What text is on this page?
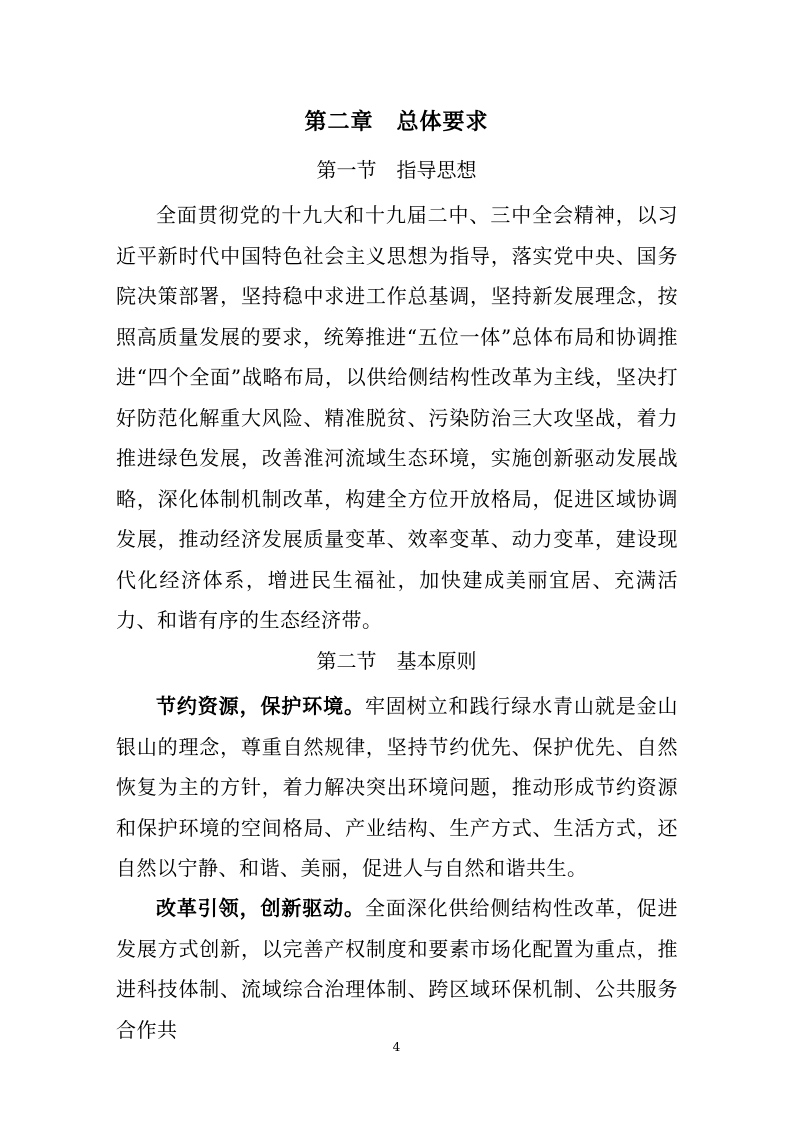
第二章　总体要求
第一节　指导思想

全面贯彻党的十九大和十九届二中、三中全会精神，以习近平新时代中国特色社会主义思想为指导，落实党中央、国务院决策部署，坚持稳中求进工作总基调，坚持新发展理念，按照高质量发展的要求，统筹推进“五位一体”总体布局和协调推进“四个全面”战略布局，以供给侧结构性改革为主线，坚决打好防范化解重大风险、精准脱贫、污染防治三大攻坚战，着力推进绿色发展，改善淮河流域生态环境，实施创新驱动发展战略，深化体制机制改革，构建全方位开放格局，促进区域协调发展，推动经济发展质量变革、效率变革、动力变革，建设现代化经济体系，增进民生福祉，加快建成美丽宜居、充满活力、和谐有序的生态经济带。

第二节　基本原则

节约资源，保护环境。牢固树立和践行绿水青山就是金山银山的理念，尊重自然规律，坚持节约优先、保护优先、自然恢复为主的方针，着力解决突出环境问题，推动形成节约资源和保护环境的空间格局、产业结构、生产方式、生活方式，还自然以宁静、和谐、美丽，促进人与自然和谐共生。

改革引领，创新驱动。全面深化供给侧结构性改革，促进发展方式创新，以完善产权制度和要素市场化配置为重点，推进科技体制、流域综合治理体制、跨区域环保机制、公共服务合作共

4
